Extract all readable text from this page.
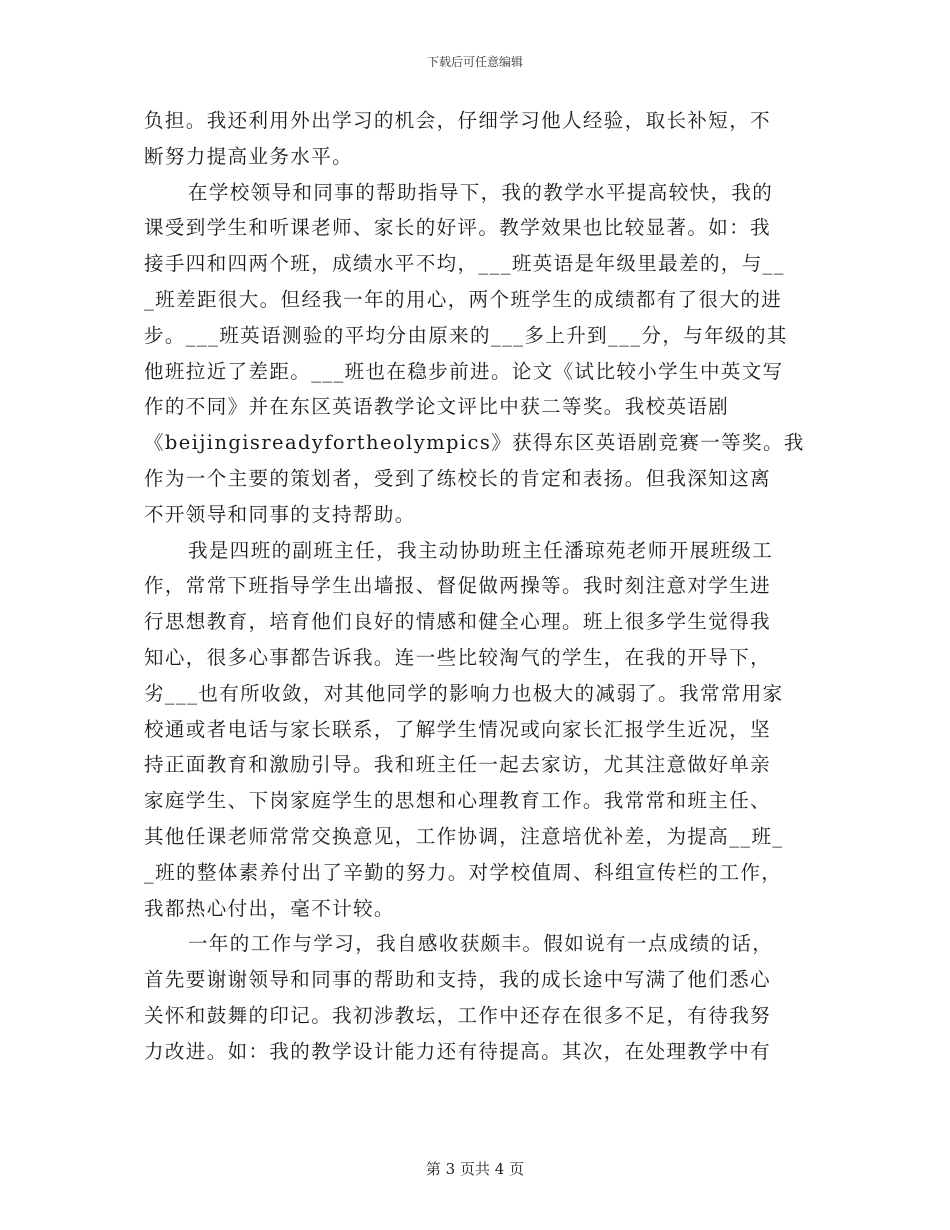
下载后可任意编辑

负担。我还利用外出学习的机会，仔细学习他人经验，取长补短，不
断努力提高业务水平。

在学校领导和同事的帮助指导下，我的教学水平提高较快，我的
课受到学生和听课老师、家长的好评。教学效果也比较显著。如：我
接手四和四两个班，成绩水平不均，___班英语是年级里最差的，与__
_班差距很大。但经我一年的用心，两个班学生的成绩都有了很大的进
步。___班英语测验的平均分由原来的___多上升到___分，与年级的其
他班拉近了差距。___班也在稳步前进。论文《试比较小学生中英文写
作的不同》并在东区英语教学论文评比中获二等奖。我校英语剧
《beijingisreadyfortheolympics》获得东区英语剧竞赛一等奖。我
作为一个主要的策划者，受到了练校长的肯定和表扬。但我深知这离
不开领导和同事的支持帮助。

我是四班的副班主任，我主动协助班主任潘琼苑老师开展班级工
作，常常下班指导学生出墙报、督促做两操等。我时刻注意对学生进
行思想教育，培育他们良好的情感和健全心理。班上很多学生觉得我
知心，很多心事都告诉我。连一些比较淘气的学生，在我的开导下，
劣___也有所收敛，对其他同学的影响力也极大的减弱了。我常常用家
校通或者电话与家长联系，了解学生情况或向家长汇报学生近况，坚
持正面教育和激励引导。我和班主任一起去家访，尤其注意做好单亲
家庭学生、下岗家庭学生的思想和心理教育工作。我常常和班主任、
其他任课老师常常交换意见，工作协调，注意培优补差，为提高__班_
_班的整体素养付出了辛勤的努力。对学校值周、科组宣传栏的工作，
我都热心付出，毫不计较。

一年的工作与学习，我自感收获颇丰。假如说有一点成绩的话，
首先要谢谢领导和同事的帮助和支持，我的成长途中写满了他们悉心
关怀和鼓舞的印记。我初涉教坛，工作中还存在很多不足，有待我努
力改进。如：我的教学设计能力还有待提高。其次，在处理教学中有

第 3 页共 4 页
